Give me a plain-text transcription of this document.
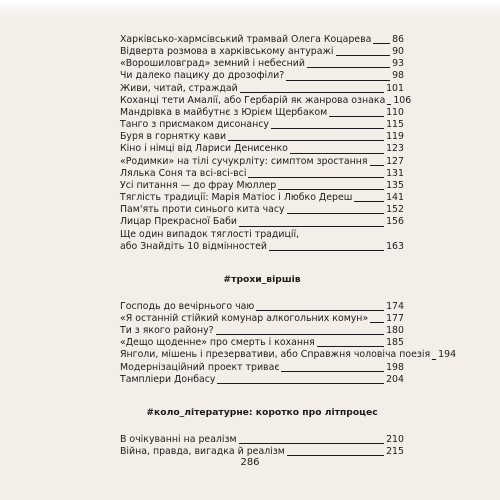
Харківсько-хармсівський трамвай Олега Коцарева 86
Відверта розмова в харківському антуражі	90
«Ворошиловград» земний і небесний	93
Чи далеко пацику до дрозофіли?	98
Живи, читай, страждай	101
Коханці тети Амалії, або Гербарій як жанрова ознака 106
Мандрівка в майбутнє з Юрієм Щербаком	110
Танго з присмаком дисонансу	115
Буря в горнятку кави	119
Кіно і німці від Лариси Денисенко	123
«Родимки» на тілі сучукрліту: симптом зростання 127
Лялька Соня та всі-всі-всі	131
Усі питання — до фрау Мюллер	135
Тяглість традиції: Марія Матіос і Любко Дереш	141
Пам'ять проти синього кита часу	152
Лицар Прекрасної Баби	156
Ще один випадок тяглості традиції,
або Знайдіть 10 відмінностей	163
#трохи_віршів
Господь до вечірнього чаю	174
«Я останній стійкий комунар алкогольних комун» 177
Ти з якого району?	180
«Дещо щоденне» про смерть і кохання	185
Янголи, мішень і презервативи, або Справжня чоловіча поезія 194
Модернізаційний проект триває	198
Тампліери Донбасу	204
#коло_літературне: коротко про літпроцес
В очікуванні на реалізм	210
Війна, правда, вигадка й реалізм	215
286
